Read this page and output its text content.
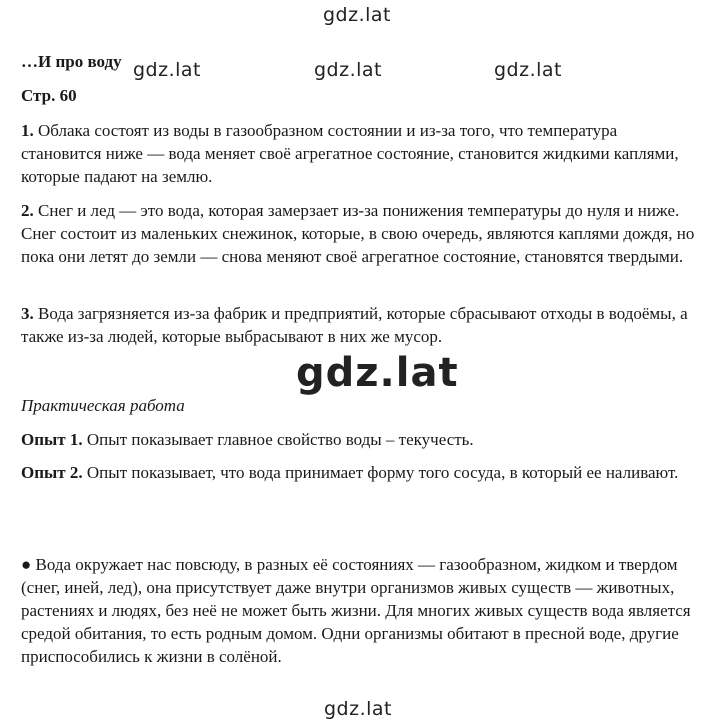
gdz.lat
gdz.lat	gdz.lat	gdz.lat
gdz.lat
gdz.lat

…И про воду

Стр. 60

1. Облака состоят из воды в газообразном состоянии и из-за того, что температура становится ниже — вода меняет своё агрегатное состояние, становится жидкими каплями, которые падают на землю.

2. Снег и лед — это вода, которая замерзает из-за понижения температуры до нуля и ниже. Снег состоит из маленьких снежинок, которые, в свою очередь, являются каплями дождя, но пока они летят до земли — снова меняют своё агрегатное состояние, становятся твердыми.

3. Вода загрязняется из-за фабрик и предприятий, которые сбрасывают отходы в водоёмы, а также из-за людей, которые выбрасывают в них же мусор.

Практическая работа

Опыт 1. Опыт показывает главное свойство воды – текучесть.

Опыт 2. Опыт показывает, что вода принимает форму того сосуда, в который ее наливают.

● Вода окружает нас повсюду, в разных её состояниях — газообразном, жидком и твердом (снег, иней, лед), она присутствует даже внутри организмов живых существ — животных, растениях и людях, без неё не может быть жизни. Для многих живых существ вода является средой обитания, то есть родным домом. Одни организмы обитают в пресной воде, другие приспособились к жизни в солёной.
